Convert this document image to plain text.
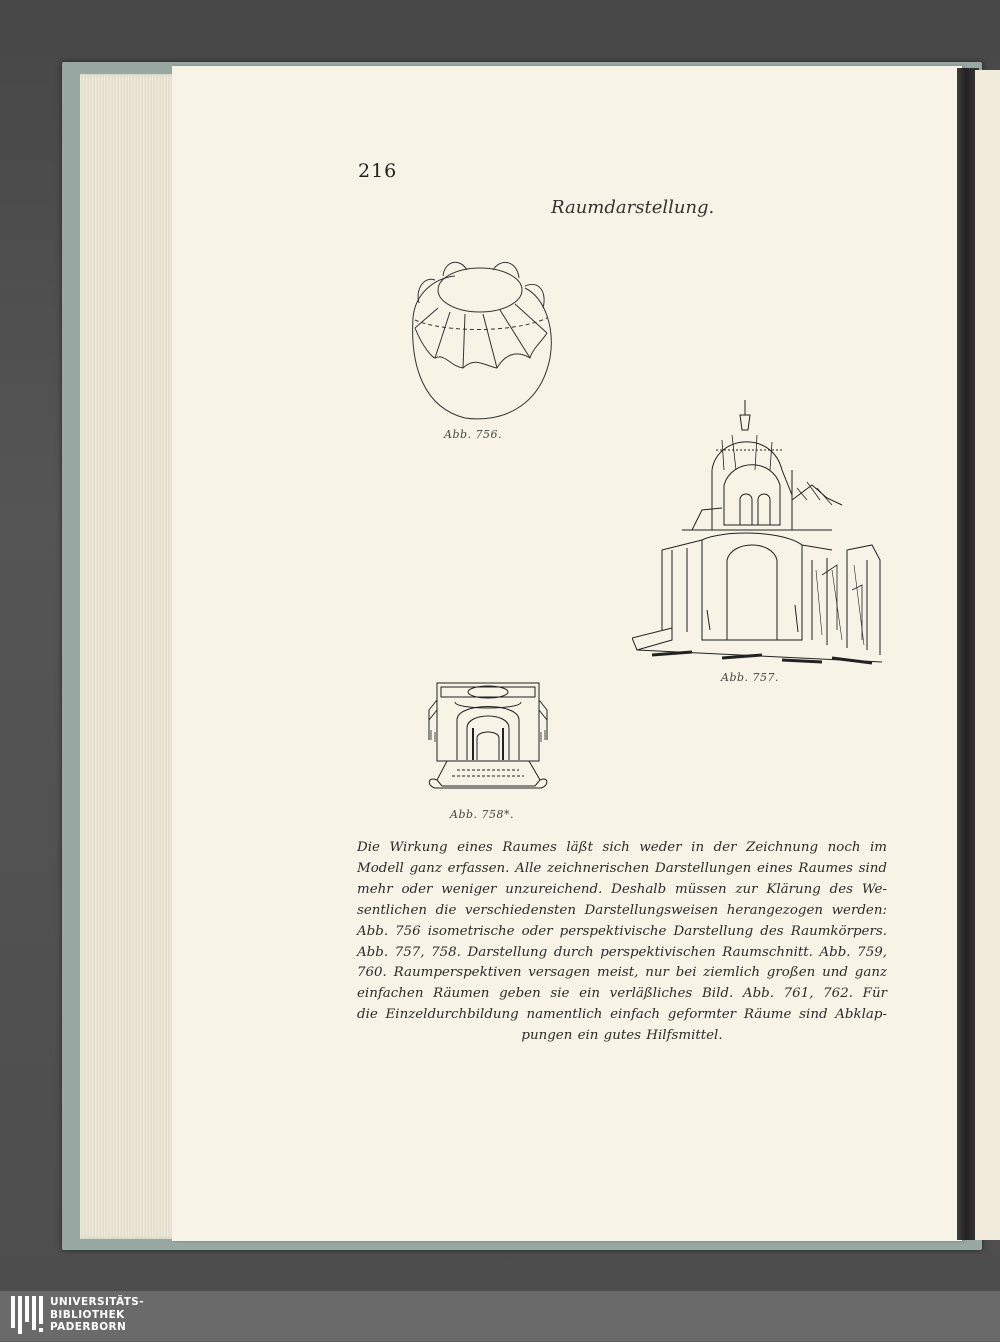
216
Raumdarstellung.
Abb. 756.
Abb. 757.
Abb. 758*.
Die Wirkung eines Raumes läßt sich weder in der Zeichnung noch im
Modell ganz erfassen. Alle zeichnerischen Darstellungen eines Raumes sind
mehr oder weniger unzureichend. Deshalb müssen zur Klärung des We-
sentlichen die verschiedensten Darstellungsweisen herangezogen werden:
Abb. 756 isometrische oder perspektivische Darstellung des Raumkörpers.
Abb. 757, 758. Darstellung durch perspektivischen Raumschnitt. Abb. 759,
760. Raumperspektiven versagen meist, nur bei ziemlich großen und ganz
einfachen Räumen geben sie ein verläßliches Bild. Abb. 761, 762. Für
die Einzeldurchbildung namentlich einfach geformter Räume sind Abklap-
pungen ein gutes Hilfsmittel.
UNIVERSITÄTS-
BIBLIOTHEK
PADERBORN
